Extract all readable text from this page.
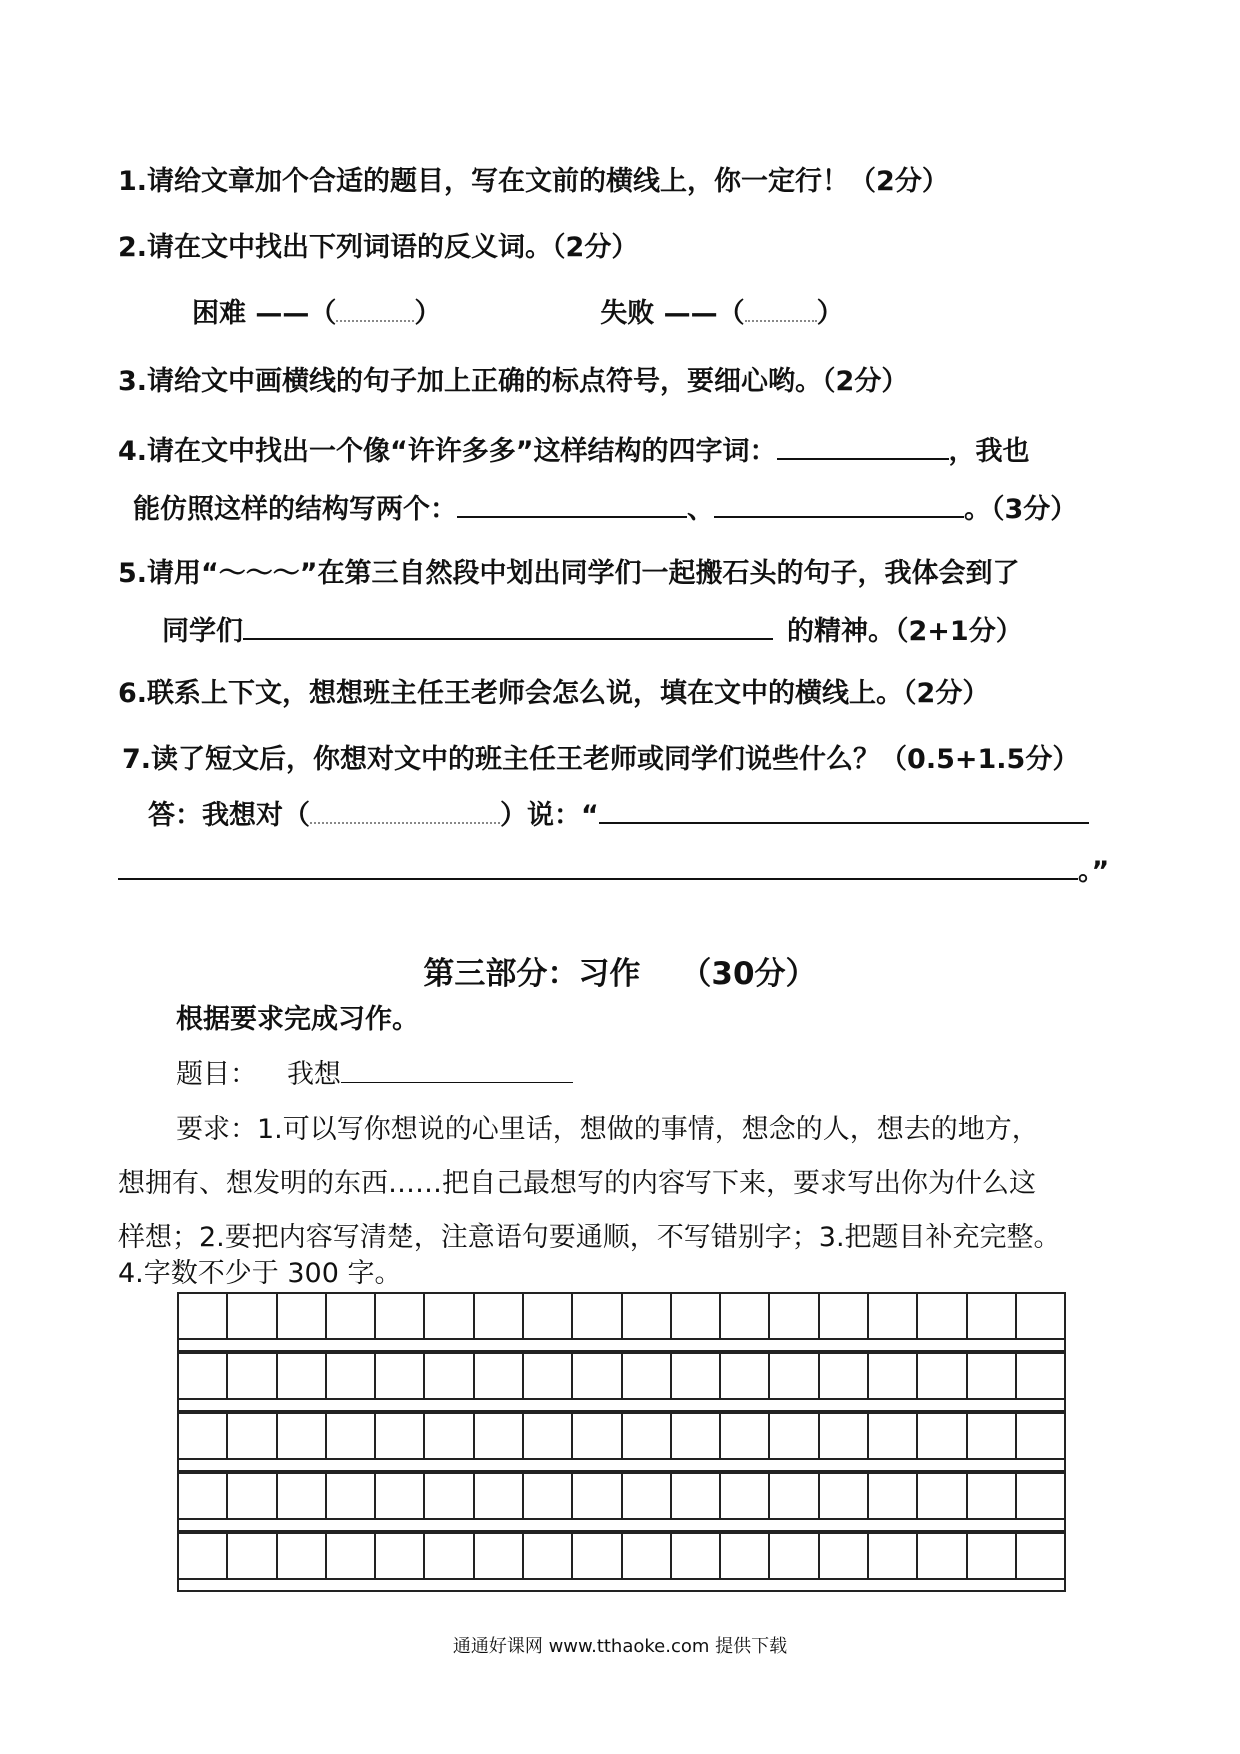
1.请给文章加个合适的题目，写在文前的横线上，你一定行！（2分）
2.请在文中找出下列词语的反义词。（2分）
困难 ——（	）	失败 ——（	）
3.请给文中画横线的句子加上正确的标点符号，要细心哟。（2分）
4.请在文中找出一个像“许许多多”这样结构的四字词：	，我也
能仿照这样的结构写两个：	、	。（3分）
5.请用“～～～”在第三自然段中划出同学们一起搬石头的句子，我体会到了
同学们	的精神。（2+1分）
6.联系上下文，想想班主任王老师会怎么说，填在文中的横线上。（2分）
7.读了短文后，你想对文中的班主任王老师或同学们说些什么？（0.5+1.5分）
答：我想对（	）说：“
。”
第三部分：习作 （30分）
根据要求完成习作。
题目： 我想
要求：1.可以写你想说的心里话，想做的事情，想念的人，想去的地方，
想拥有、想发明的东西……把自己最想写的内容写下来，要求写出你为什么这
样想；2.要把内容写清楚，注意语句要通顺，不写错别字；3.把题目补充完整。
4.字数不少于 300 字。
通通好课网 www.tthaoke.com 提供下载
